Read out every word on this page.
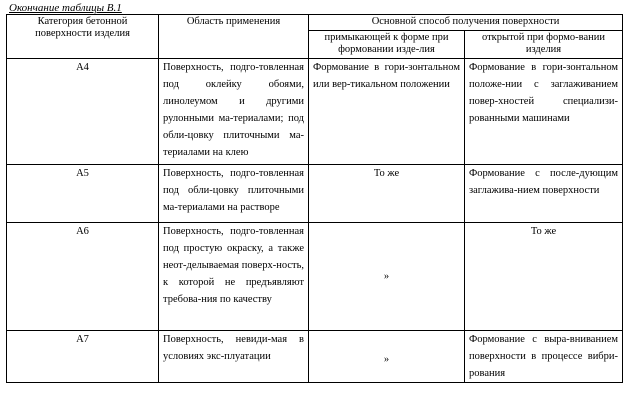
Окончание таблицы В.1
Категория бетонной поверхности изделия	Область применения	Основной способ получения поверхности	
		примыкающей к форме при формовании изде-лия	открытой при формо-вании изделия
А4	Поверхность, подго-товленная под оклейку обоями, линолеумом и другими рулонными ма-териалами; под обли-цовку плиточными ма-териалами на клею	Формование в гори-зонтальном или вер-тикальном положении	Формование в гори-зонтальном положе-нии с заглаживанием повер-хностей специализи-рованными машинами
А5	Поверхность, подго-товленная под обли-цовку плиточными ма-териалами на растворе	То же	Формование с после-дующим заглажива-нием поверхности
А6	Поверхность, подго-товленная под простую окраску, а также неот-делываемая поверх-ность, к которой не предъявляют требова-ния по качеству	»	То же
А7	Поверхность, невиди-мая в условиях экс-плуатации	»	Формование с выра-вниванием поверхности в процессе вибри-рования
